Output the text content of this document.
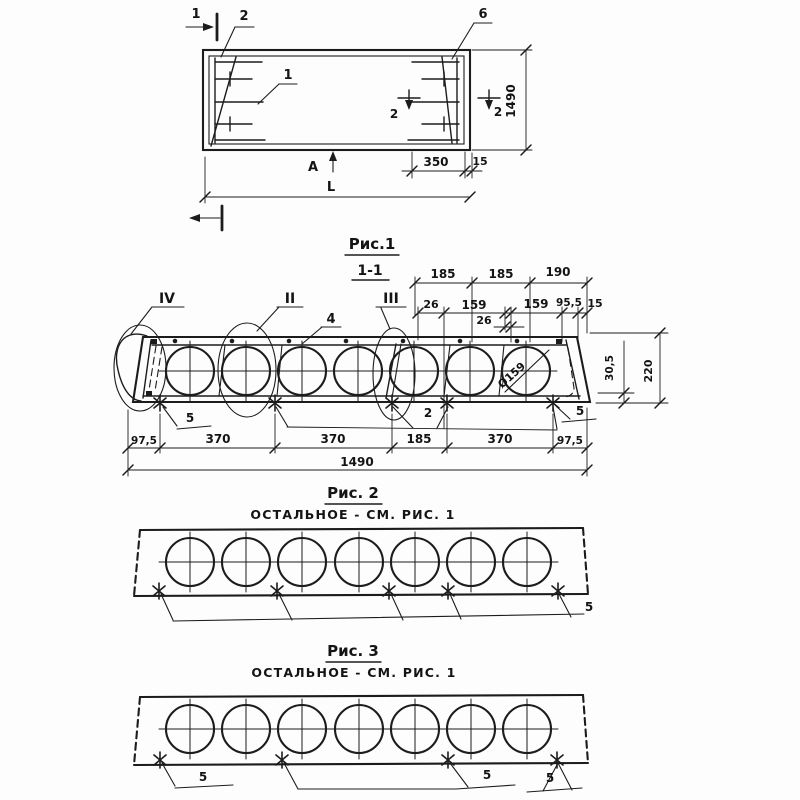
1	2
1
6
2	2 1490
350 15
A
L
Рис.1
1-1	185	185	190
26 159	159 95,5 15
26
IV	II	III
4
Ø159	30,5 220
5	2	5
97,5	370	370	185	370	97,5
1490
Рис. 2
ОСТАЛЬНОЕ - СМ. РИС. 1
5
Рис. 3
ОСТАЛЬНОЕ - СМ. РИС. 1
5	5	5
